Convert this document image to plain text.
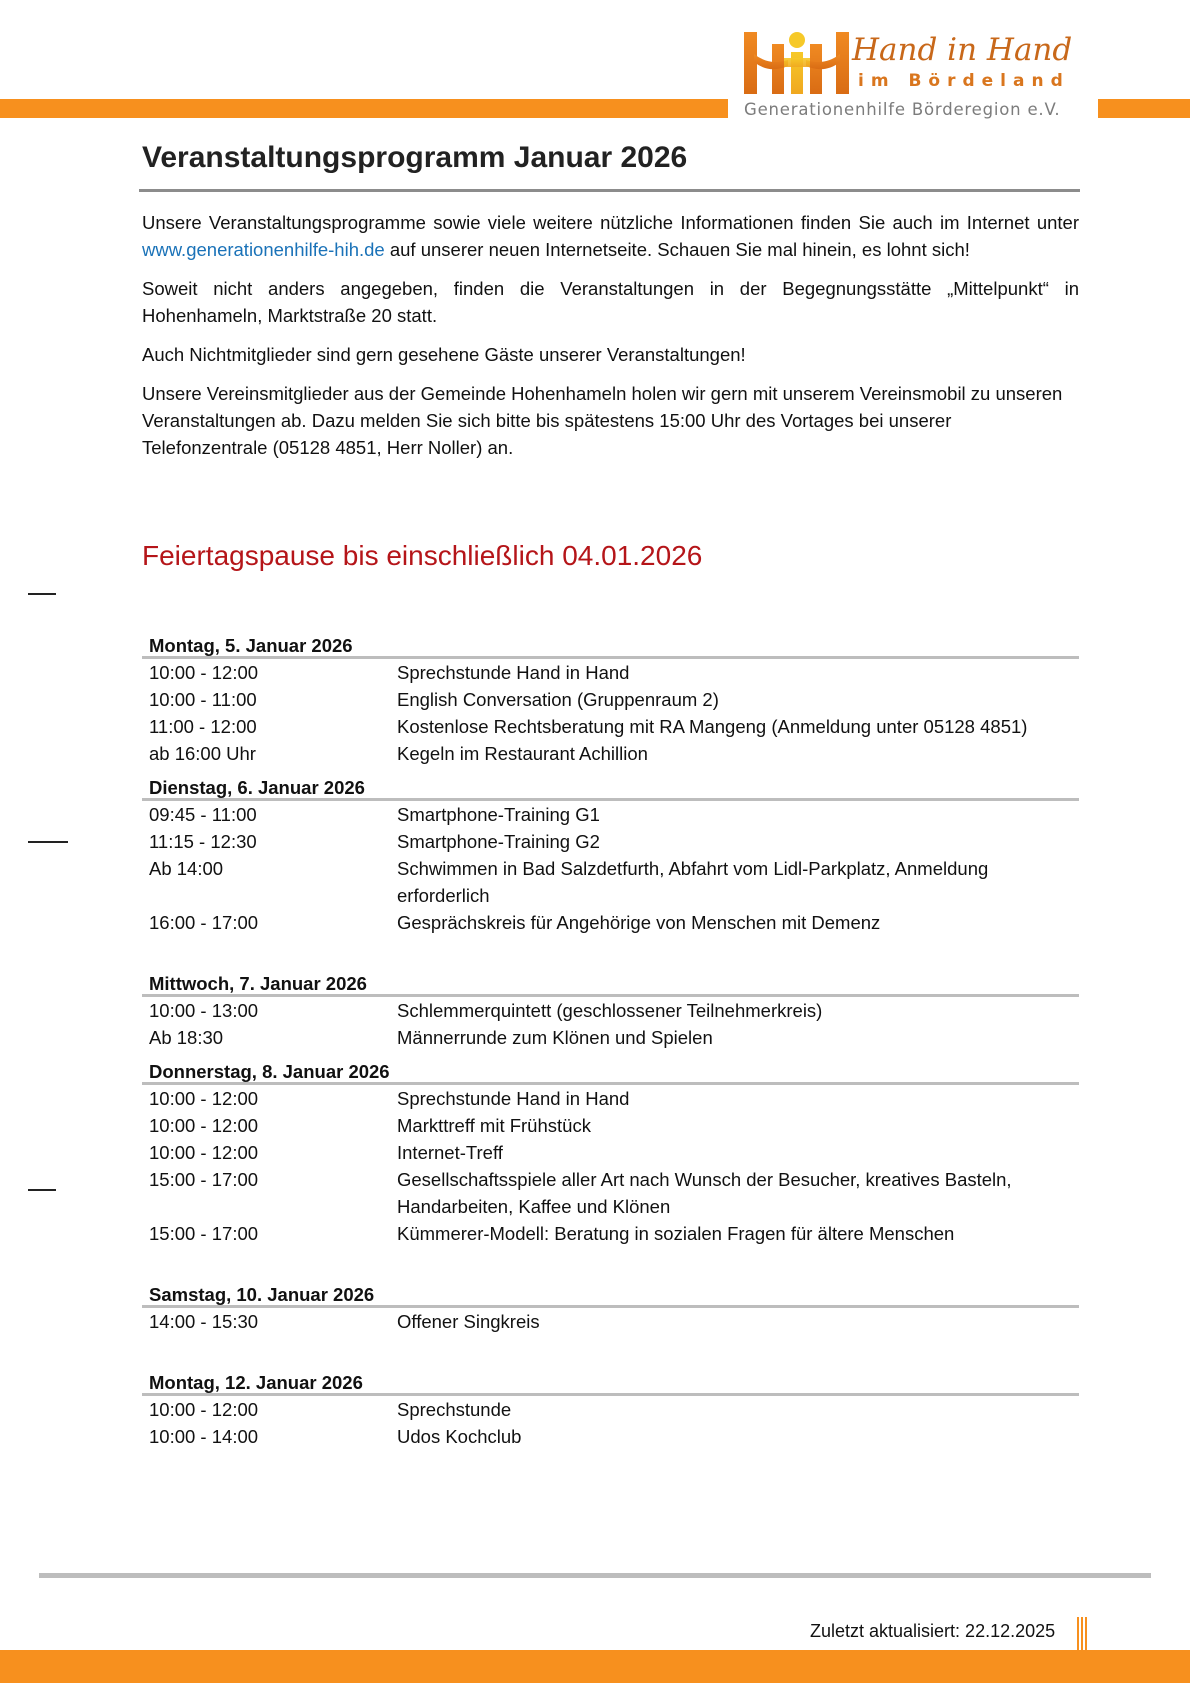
Hand in Hand
im Bördeland
Generationenhilfe Börderegion e.V.
Veranstaltungsprogramm Januar 2026

Unsere Veranstaltungsprogramme sowie viele weitere nützliche Informationen finden Sie auch im Internet unter www.generationenhilfe-hih.de auf unserer neuen Internetseite. Schauen Sie mal hinein, es lohnt sich!

Soweit nicht anders angegeben, finden die Veranstaltungen in der Begegnungsstätte „Mittelpunkt“ in Hohenhameln, Marktstraße 20 statt.

Auch Nichtmitglieder sind gern gesehene Gäste unserer Veranstaltungen!

Unsere Vereinsmitglieder aus der Gemeinde Hohenhameln holen wir gern mit unserem Vereinsmobil zu unseren Veranstaltungen ab. Dazu melden Sie sich bitte bis spätestens 15:00 Uhr des Vortages bei unserer Telefonzentrale (05128 4851, Herr Noller) an.

Feiertagspause bis einschließlich 04.01.2026
Montag, 5. Januar 2026
10:00 - 12:00	Sprechstunde Hand in Hand
10:00 - 11:00	English Conversation (Gruppenraum 2)
11:00 - 12:00	Kostenlose Rechtsberatung mit RA Mangeng (Anmeldung unter 05128 4851)
ab 16:00 Uhr	Kegeln im Restaurant Achillion
Dienstag, 6. Januar 2026
09:45 - 11:00	Smartphone-Training G1
11:15 - 12:30	Smartphone-Training G2
Ab 14:00	Schwimmen in Bad Salzdetfurth, Abfahrt vom Lidl-Parkplatz, Anmeldung erforderlich
16:00 - 17:00	Gesprächskreis für Angehörige von Menschen mit Demenz
Mittwoch, 7. Januar 2026
10:00 - 13:00	Schlemmerquintett (geschlossener Teilnehmerkreis)
Ab 18:30	Männerrunde zum Klönen und Spielen
Donnerstag, 8. Januar 2026
10:00 - 12:00	Sprechstunde Hand in Hand
10:00 - 12:00	Markttreff mit Frühstück
10:00 - 12:00	Internet-Treff
15:00 - 17:00	Gesellschaftsspiele aller Art nach Wunsch der Besucher, kreatives Basteln, Handarbeiten, Kaffee und Klönen
15:00 - 17:00	Kümmerer-Modell: Beratung in sozialen Fragen für ältere Menschen
Samstag, 10. Januar 2026
14:00 - 15:30	Offener Singkreis
Montag, 12. Januar 2026
10:00 - 12:00	Sprechstunde
10:00 - 14:00	Udos Kochclub
Zuletzt aktualisiert: 22.12.2025
